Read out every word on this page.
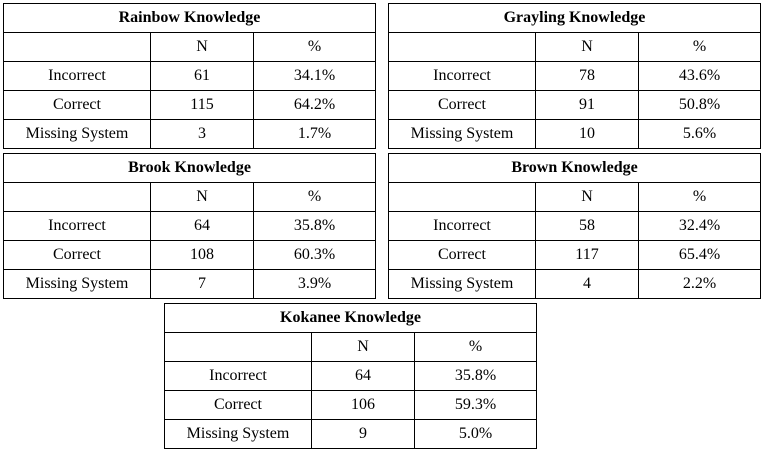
Rainbow Knowledge		
	N	%
Incorrect	61	34.1%
Correct	115	64.2%
Missing System	3	1.7%
Grayling Knowledge		
	N	%
Incorrect	78	43.6%
Correct	91	50.8%
Missing System	10	5.6%
Brook Knowledge		
	N	%
Incorrect	64	35.8%
Correct	108	60.3%
Missing System	7	3.9%
Brown Knowledge		
	N	%
Incorrect	58	32.4%
Correct	117	65.4%
Missing System	4	2.2%
Kokanee Knowledge		
	N	%
Incorrect	64	35.8%
Correct	106	59.3%
Missing System	9	5.0%
